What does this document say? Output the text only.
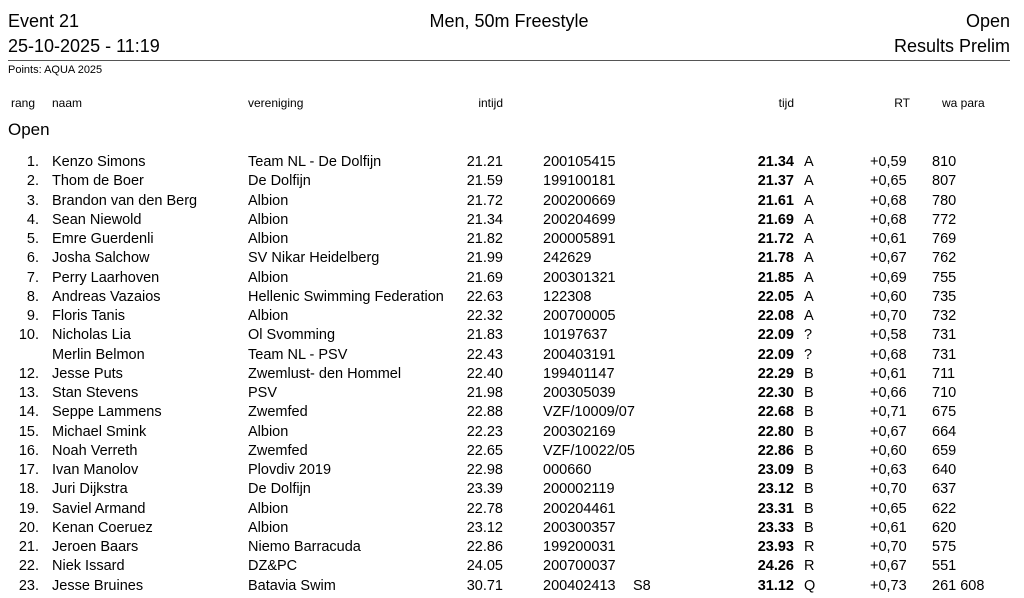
Event 21
25-10-2025 - 11:19
Men, 50m Freestyle	Open
Results Prelim
Points: AQUA 2025
rang naam	vereniging	intijd	tijd	RT	wa para
Open
1. Kenzo Simons	Team NL - De Dolfijn	21.21	200105415	21.34 A	+0,59 810
2. Thom de Boer	De Dolfijn	21.59	199100181	21.37 A	+0,65 807
3. Brandon van den Berg	Albion	21.72	200200669	21.61 A	+0,68 780
4. Sean Niewold	Albion	21.34	200204699	21.69 A	+0,68 772
5. Emre Guerdenli	Albion	21.82	200005891	21.72 A	+0,61 769
6. Josha Salchow	SV Nikar Heidelberg	21.99	242629	21.78 A	+0,67 762
7. Perry Laarhoven	Albion	21.69	200301321	21.85 A	+0,69 755
8. Andreas Vazaios	Hellenic Swimming Federation 22.63	122308	22.05 A	+0,60 735
9. Floris Tanis	Albion	22.32	200700005	22.08 A	+0,70 732
10. Nicholas Lia	Ol Svomming	21.83	10197637	22.09 ?	+0,58 731
Merlin Belmon	Team NL - PSV	22.43	200403191	22.09 ?	+0,68 731
12. Jesse Puts	Zwemlust- den Hommel	22.40	199401147	22.29 B	+0,61 711
13. Stan Stevens	PSV	21.98	200305039	22.30 B	+0,66 710
14. Seppe Lammens	Zwemfed	22.88	VZF/10009/07	22.68 B	+0,71 675
15. Michael Smink	Albion	22.23	200302169	22.80 B	+0,67 664
16. Noah Verreth	Zwemfed	22.65	VZF/10022/05	22.86 B	+0,60 659
17. Ivan Manolov	Plovdiv 2019	22.98	000660	23.09 B	+0,63 640
18. Juri Dijkstra	De Dolfijn	23.39	200002119	23.12 B	+0,70 637
19. Saviel Armand	Albion	22.78	200204461	23.31 B	+0,65 622
20. Kenan Coeruez	Albion	23.12	200300357	23.33 B	+0,61 620
21. Jeroen Baars	Niemo Barracuda	22.86	199200031	23.93 R	+0,70 575
22. Niek Issard	DZ&PC	24.05	200700037	24.26 R	+0,67 551
23. Jesse Bruines	Batavia Swim	30.71	200402413 S8	31.12 Q	+0,73 261 608
